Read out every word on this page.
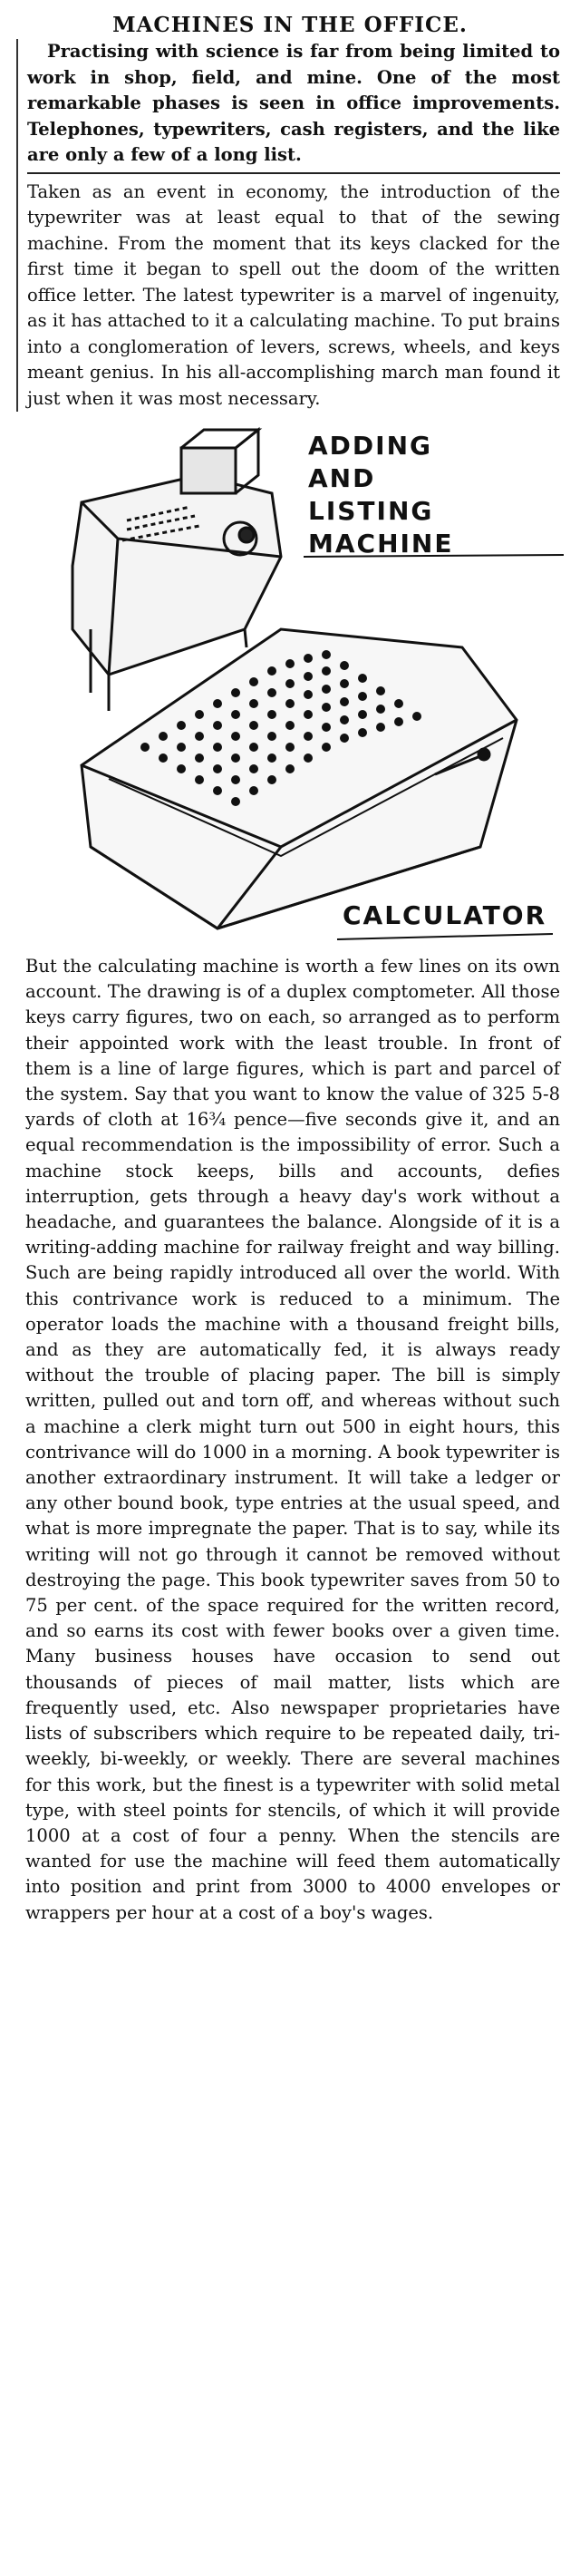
MACHINES IN THE OFFICE.

Practising with science is far from being limited to work in shop, field, and mine. One of the most remarkable phases is seen in office improvements. Telephones, typewriters, cash registers, and the like are only a few of a long list.

Taken as an event in economy, the introduction of the typewriter was at least equal to that of the sewing machine. From the moment that its keys clacked for the first time it began to spell out the doom of the written office letter. The latest typewriter is a marvel of ingenuity, as it has attached to it a calculating machine. To put brains into a conglomeration of levers, screws, wheels, and keys meant genius. In his all-accomplishing march man found it just when it was most necessary.

ADDING
AND
LISTING
MACHINE
CALCULATOR

But the calculating machine is worth a few lines on its own account. The drawing is of a duplex comptometer. All those keys carry figures, two on each, so arranged as to perform their appointed work with the least trouble. In front of them is a line of large figures, which is part and parcel of the system. Say that you want to know the value of 325 5-8 yards of cloth at 16¾ pence—five seconds give it, and an equal recommendation is the impossibility of error. Such a machine stock keeps, bills and accounts, defies interruption, gets through a heavy day's work without a headache, and guarantees the balance. Alongside of it is a writing-adding machine for railway freight and way billing. Such are being rapidly introduced all over the world. With this contrivance work is reduced to a minimum. The operator loads the machine with a thousand freight bills, and as they are automatically fed, it is always ready without the trouble of placing paper. The bill is simply written, pulled out and torn off, and whereas without such a machine a clerk might turn out 500 in eight hours, this contrivance will do 1000 in a morning. A book typewriter is another extraordinary instrument. It will take a ledger or any other bound book, type entries at the usual speed, and what is more impregnate the paper. That is to say, while its writing will not go through it cannot be removed without destroying the page. This book typewriter saves from 50 to 75 per cent. of the space required for the written record, and so earns its cost with fewer books over a given time. Many business houses have occasion to send out thousands of pieces of mail matter, lists which are frequently used, etc. Also newspaper proprietaries have lists of subscribers which require to be repeated daily, tri-weekly, bi-weekly, or weekly. There are several machines for this work, but the finest is a typewriter with solid metal type, with steel points for stencils, of which it will provide 1000 at a cost of four a penny. When the stencils are wanted for use the machine will feed them automatically into position and print from 3000 to 4000 envelopes or wrappers per hour at a cost of a boy's wages.
